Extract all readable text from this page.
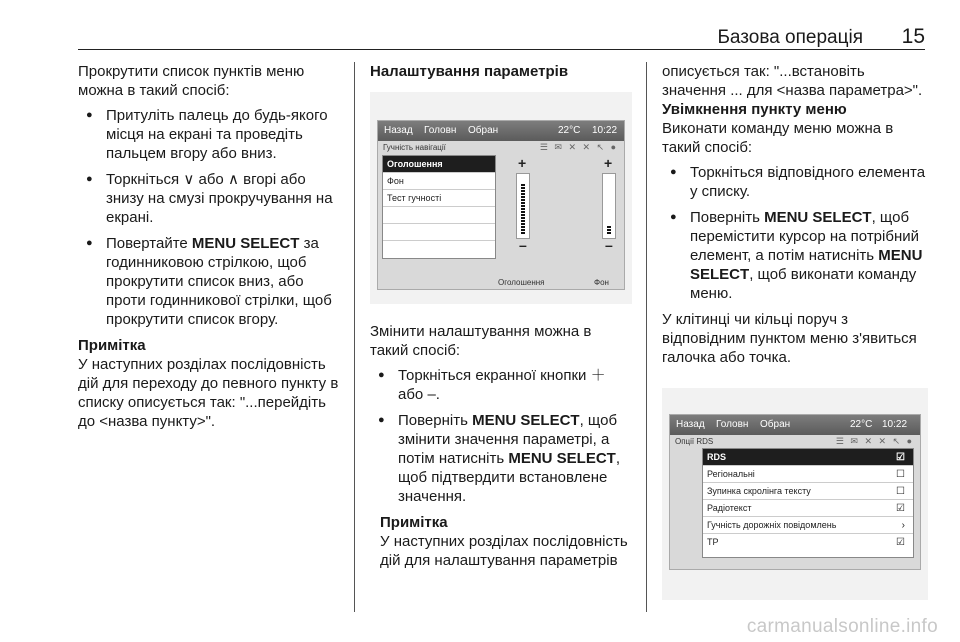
Базова операція 15

Прокрутити список пунктів меню можна в такий спосіб:

● Притуліть палець до будь-якого місця на екрані та проведіть пальцем вгору або вниз.
● Торкніться ∨ або ∧ вгорі або знизу на смузі прокручування на екрані.
● Повертайте MENU SELECT за годинниковою стрілкою, щоб прокрутити список вниз, або проти годинникової стрілки, щоб прокрутити список вгору.

Примітка

У наступних розділах послідовність дій для переходу до певного пункту в списку описується так: "...перейдіть до <назва пункту>".

Налаштування параметрів

Назад Головн Обран	22°C 10:22
Гучність навігації	☰ ✉ ✕ ✕ ↖ ●
Оголошення
Фон
Тест гучності
+
–
+
–
Оголошення	Фон

Змінити налаштування можна в такий спосіб:

● Торкніться екранної кнопки ＋ або –.
● Поверніть MENU SELECT, щоб змінити значення параметрі, а потім натисніть MENU SELECT, щоб підтвердити встановлене значення.

Примітка

У наступних розділах послідовність дій для налаштування параметрів

описується так: "...встановіть значення ... для <назва параметра>".

Увімкнення пункту меню

Виконати команду меню можна в такий спосіб:

● Торкніться відповідного елемента у списку.
● Поверніть MENU SELECT, щоб перемістити курсор на потрібний елемент, а потім натисніть MENU SELECT, щоб виконати команду меню.

У клітинці чи кільці поруч з відповідним пунктом меню з'явиться галочка або точка.

Назад Головн Обран	22°C 10:22
Опції RDS	☰ ✉ ✕ ✕ ↖ ●
RDS	☑
Регіональні	☐
Зупинка скролінга тексту	☐
Радіотекст	☑
Гучність дорожніх повідомлень	›
TP	☑
carmanualsonline.info
